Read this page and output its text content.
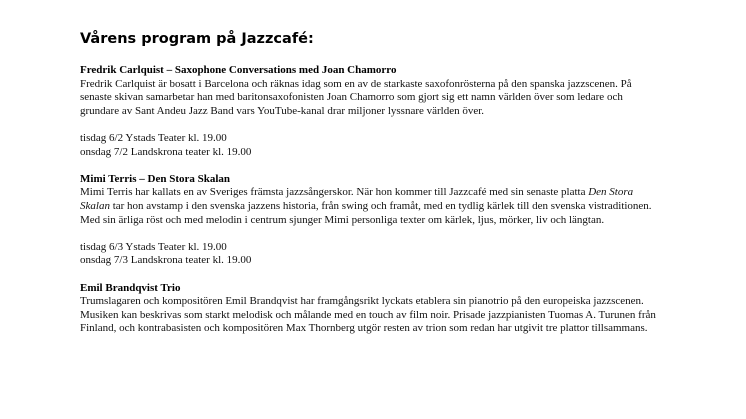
Vårens program på Jazzcafé:
Fredrik Carlquist – Saxophone Conversations med Joan Chamorro

Fredrik Carlquist är bosatt i Barcelona och räknas idag som en av de starkaste saxofonrösterna på den spanska jazzscenen. På senaste skivan samarbetar han med baritonsaxofonisten Joan Chamorro som gjort sig ett namn världen över som ledare och grundare av Sant Andeu Jazz Band vars YouTube-kanal drar miljoner lyssnare världen över.

tisdag 6/2 Ystads Teater kl. 19.00
onsdag 7/2 Landskrona teater kl. 19.00
Mimi Terris – Den Stora Skalan

Mimi Terris har kallats en av Sveriges främsta jazzsångerskor. När hon kommer till Jazzcafé med sin senaste platta Den Stora Skalan tar hon avstamp i den svenska jazzens historia, från swing och framåt, med en tydlig kärlek till den svenska vistraditionen. Med sin ärliga röst och med melodin i centrum sjunger Mimi personliga texter om kärlek, ljus, mörker, liv och längtan.

tisdag 6/3 Ystads Teater kl. 19.00
onsdag 7/3 Landskrona teater kl. 19.00
Emil Brandqvist Trio

Trumslagaren och kompositören Emil Brandqvist har framgångsrikt lyckats etablera sin pianotrio på den europeiska jazzscenen. Musiken kan beskrivas som starkt melodisk och målande med en touch av film noir. Prisade jazzpianisten Tuomas A. Turunen från Finland, och kontrabasisten och kompositören Max Thornberg utgör resten av trion som redan har utgivit tre plattor tillsammans.
